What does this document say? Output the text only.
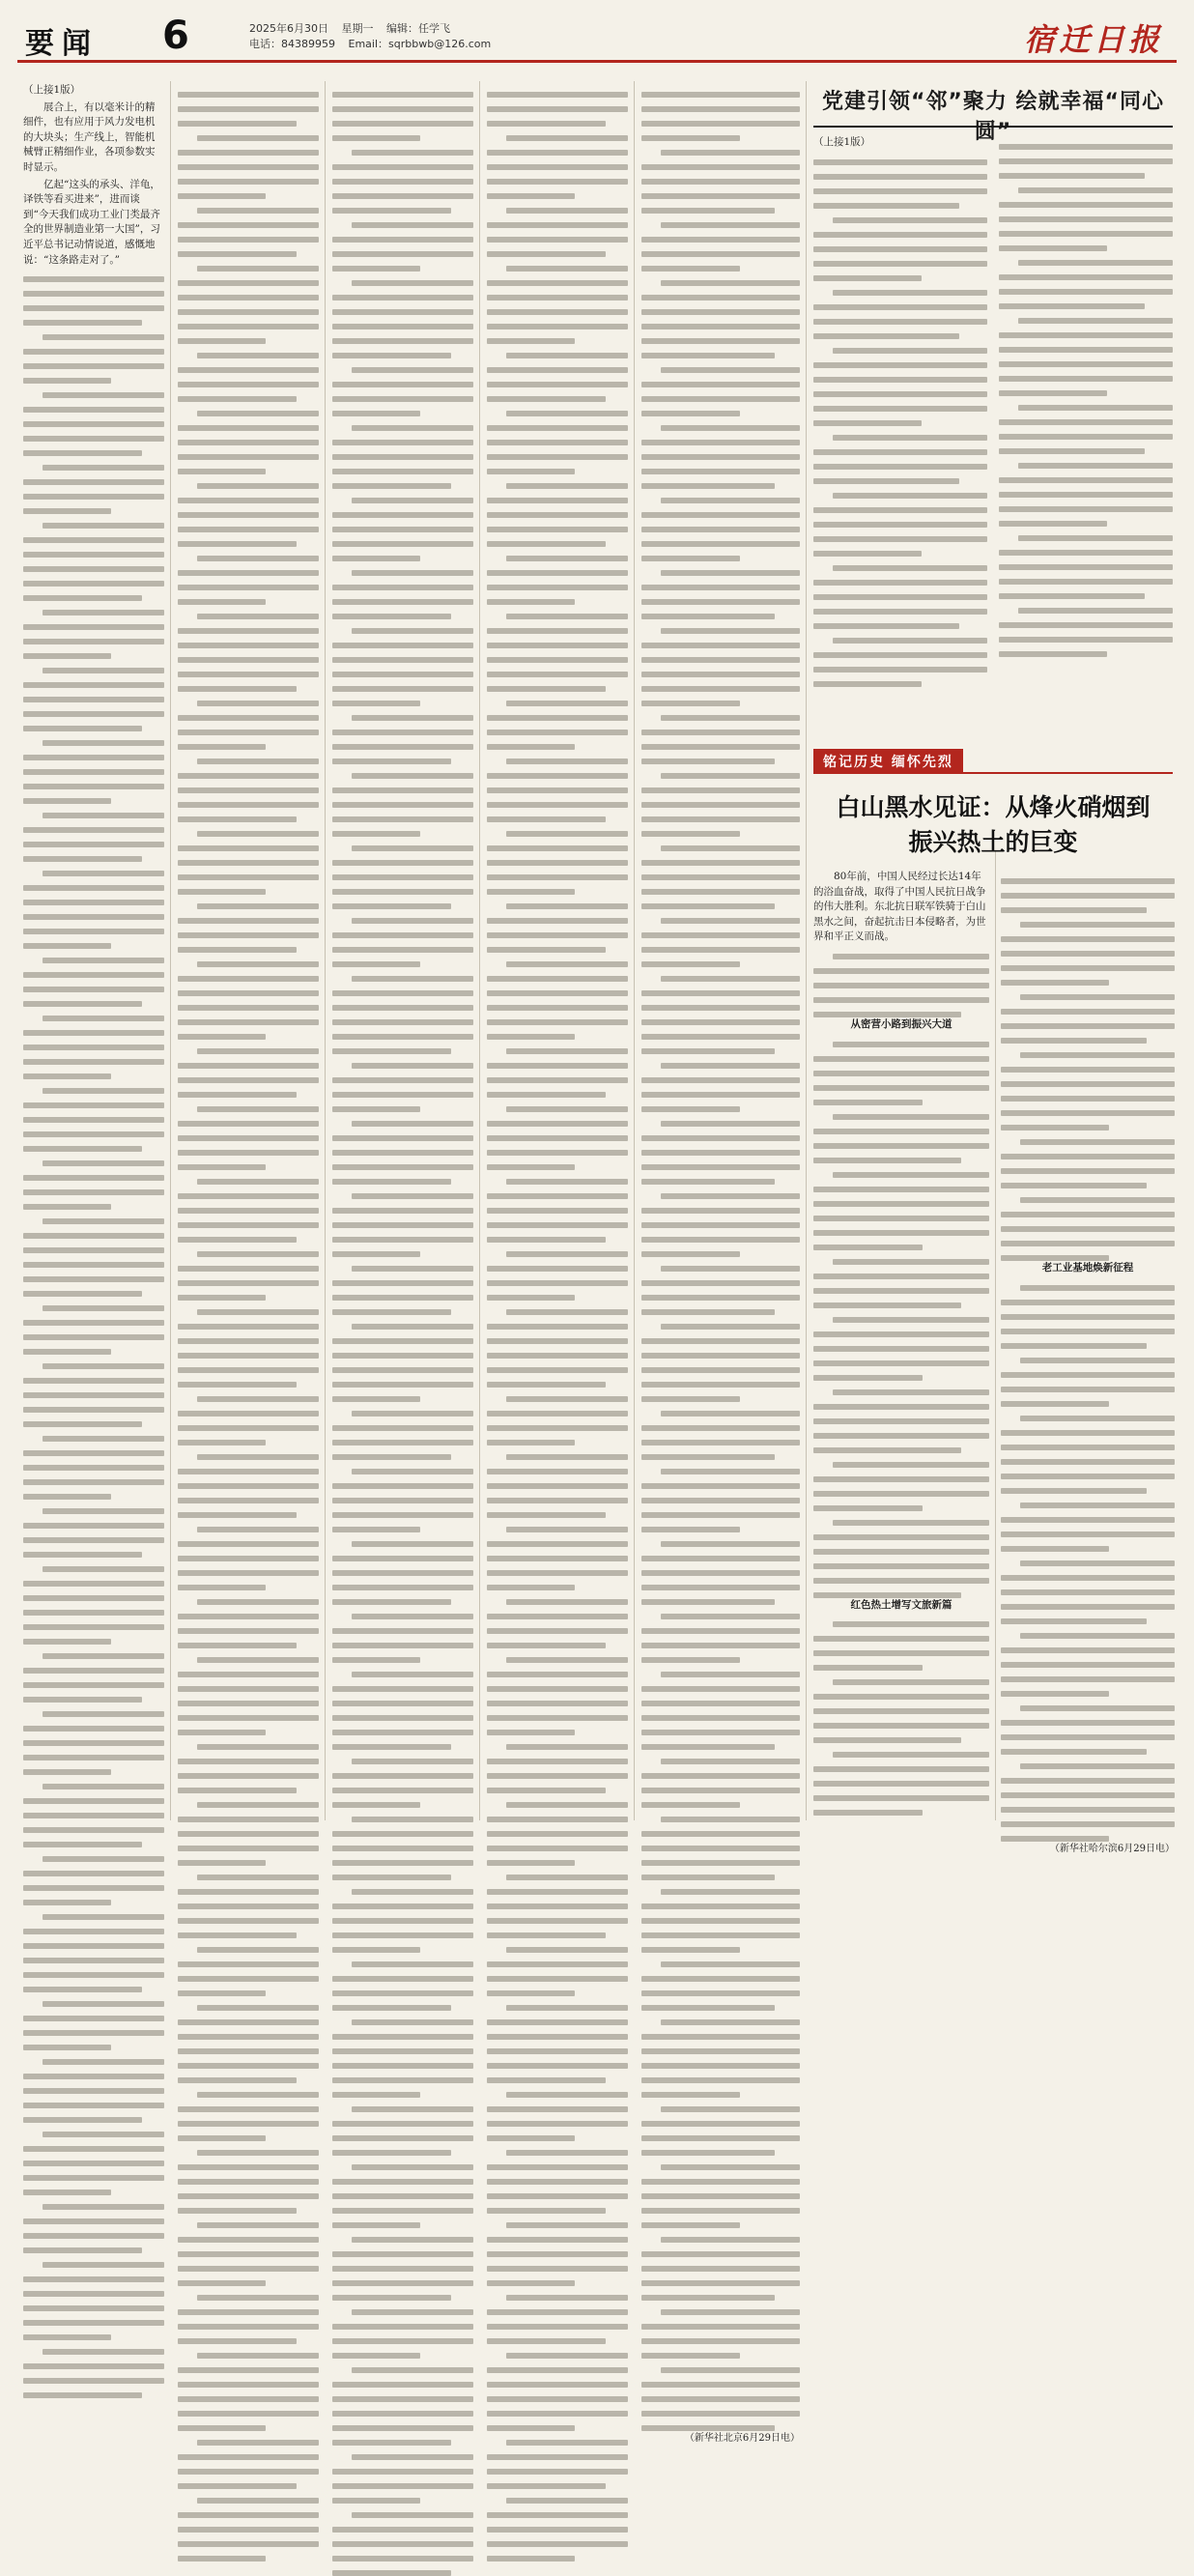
要闻 6	2025年6月30日 星期一 编辑：任学飞
电话：84389959 Email：sqrbbwb@126.com	宿迁日报

（上接1版）

展合上，有以毫米计的精细件，也有应用于风力发电机的大块头；生产线上，智能机械臂正精细作业，各项参数实时显示。

亿起“这头的承头、洋龟，译铁等看买进来”，进而谈到“今天我们成功工业门类最齐全的世界制造业第一大国”，习近平总书记动情说道，感慨地说：“这条路走对了。”

（新华社北京6月29日电）

党建引领“邻”聚力 绘就幸福“同心圆”

（上接1版）

铭记历史 缅怀先烈
白山黑水见证：从烽火硝烟到
振兴热土的巨变

80年前，中国人民经过长达14年的浴血奋战，取得了中国人民抗日战争的伟大胜利。东北抗日联军铁骑于白山黑水之间，奋起抗击日本侵略者，为世界和平正义而战。

从密营小路到振兴大道

红色热土增写文旅新篇

老工业基地焕新征程

（新华社哈尔滨6月29日电）
